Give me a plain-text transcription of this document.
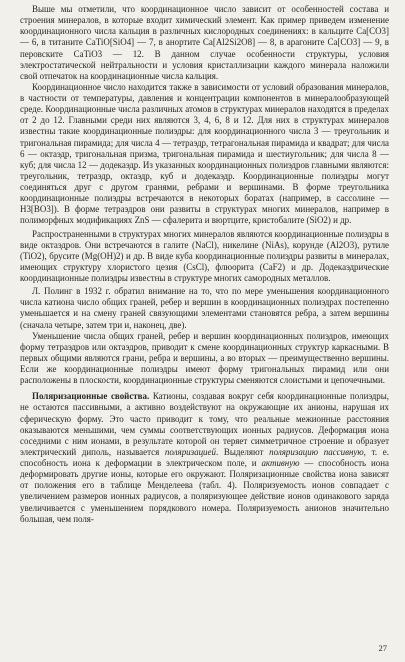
Выше мы отметили, что координационное число зависит от особенностей состава и строения минералов, в которые входит химический элемент. Как пример приведем изменение координационного числа кальция в различных кислородных соединениях: в кальците Ca[CO3] — 6, в титаните CaTiO[SiO4] — 7, в анортите Ca[Al2Si2O8] — 8, в арагоните Ca[CO3] — 9, в перовските CaTiO3 — 12. В данном случае особенности структуры, условия электростатической нейтральности и условия кристаллизации каждого минерала наложили свой отпечаток на координационные числа кальция.

Координационное число находится также в зависимости от условий образования минералов, в частности от температуры, давления и концентрации компонентов в минералообразующей среде. Координационные числа различных атомов в структурах минералов находятся в пределах от 2 до 12. Главными среди них являются 3, 4, 6, 8 и 12. Для них в структурах минералов известны такие координационные полиэдры: для координационного числа 3 — треугольник и тригональная пирамида; для числа 4 — тетраэдр, тетрагональная пирамида и квадрат; для числа 6 — октаэдр, тригональная призма, тригональная пирамида и шестиугольник; для числа 8 — куб; для числа 12 — додекаэдр. Из указанных координационных полиэдров главными являются: треугольник, тетраэдр, октаэдр, куб и додекаэдр. Координационные полиэдры могут соединяться друг с другом гранями, ребрами и вершинами. В форме треугольника координационные полиэдры встречаются в некоторых боратах (например, в сассолине — H3[BO3]). В форме тетраэдров они развиты в структурах многих минералов, например в полиморфных модификациях ZnS — сфалерита и вюртците, кристобалите (SiO2) и др.

Распространенными в структурах многих минералов являются координационные полиэдры в виде октаэдров. Они встречаются в галите (NaCl), никелине (NiAs), корунде (Al2O3), рутиле (TiO2), брусите (Mg(OH)2) и др. В виде куба координационные полиэдры развиты в минералах, имеющих структуру хлористого цезия (CsCl), флюорита (CaF2) и др. Додекаэдрические координационные полиэдры известны в структуре многих самородных металлов.

Л. Полинг в 1932 г. обратил внимание на то, что по мере уменьшения координационного числа катиона число общих граней, ребер и вершин в координационных полиэдрах постепенно уменьшается и на смену граней связующими элементами становятся ребра, а затем вершины (сначала четыре, затем три и, наконец, две).

Уменьшение числа общих граней, ребер и вершин координационных полиэдров, имеющих форму тетраэдров или октаэдров, приводит к смене координационных структур каркасными. В первых общими являются грани, ребра и вершины, а во вторых — преимущественно вершины. Если же координационные полиэдры имеют форму тригональных пирамид или они расположены в плоскости, координационные структуры сменяются слоистыми и цепочечными.

Поляризационные свойства. Катионы, создавая вокруг себя координационные полиэдры, не остаются пассивными, а активно воздействуют на окружающие их анионы, нарушая их сферическую форму. Это часто приводит к тому, что реальные межионные расстояния оказываются меньшими, чем суммы соответствующих ионных радиусов. Деформация иона соседними с ним ионами, в результате которой он теряет симметричное строение и образует электрический диполь, называется поляризацией. Выделяют поляризацию пассивную, т. е. способность иона к деформации в электрическом поле, и активную — способность иона деформировать другие ионы, которые его окружают. Поляризационные свойства иона зависят от положения его в таблице Менделеева (табл. 4). Поляризуемость ионов совпадает с увеличением размеров ионных радиусов, а поляризующее действие ионов одинакового заряда увеличивается с уменьшением порядкового номера. Поляризуемость анионов значительно большая, чем поля-

27
